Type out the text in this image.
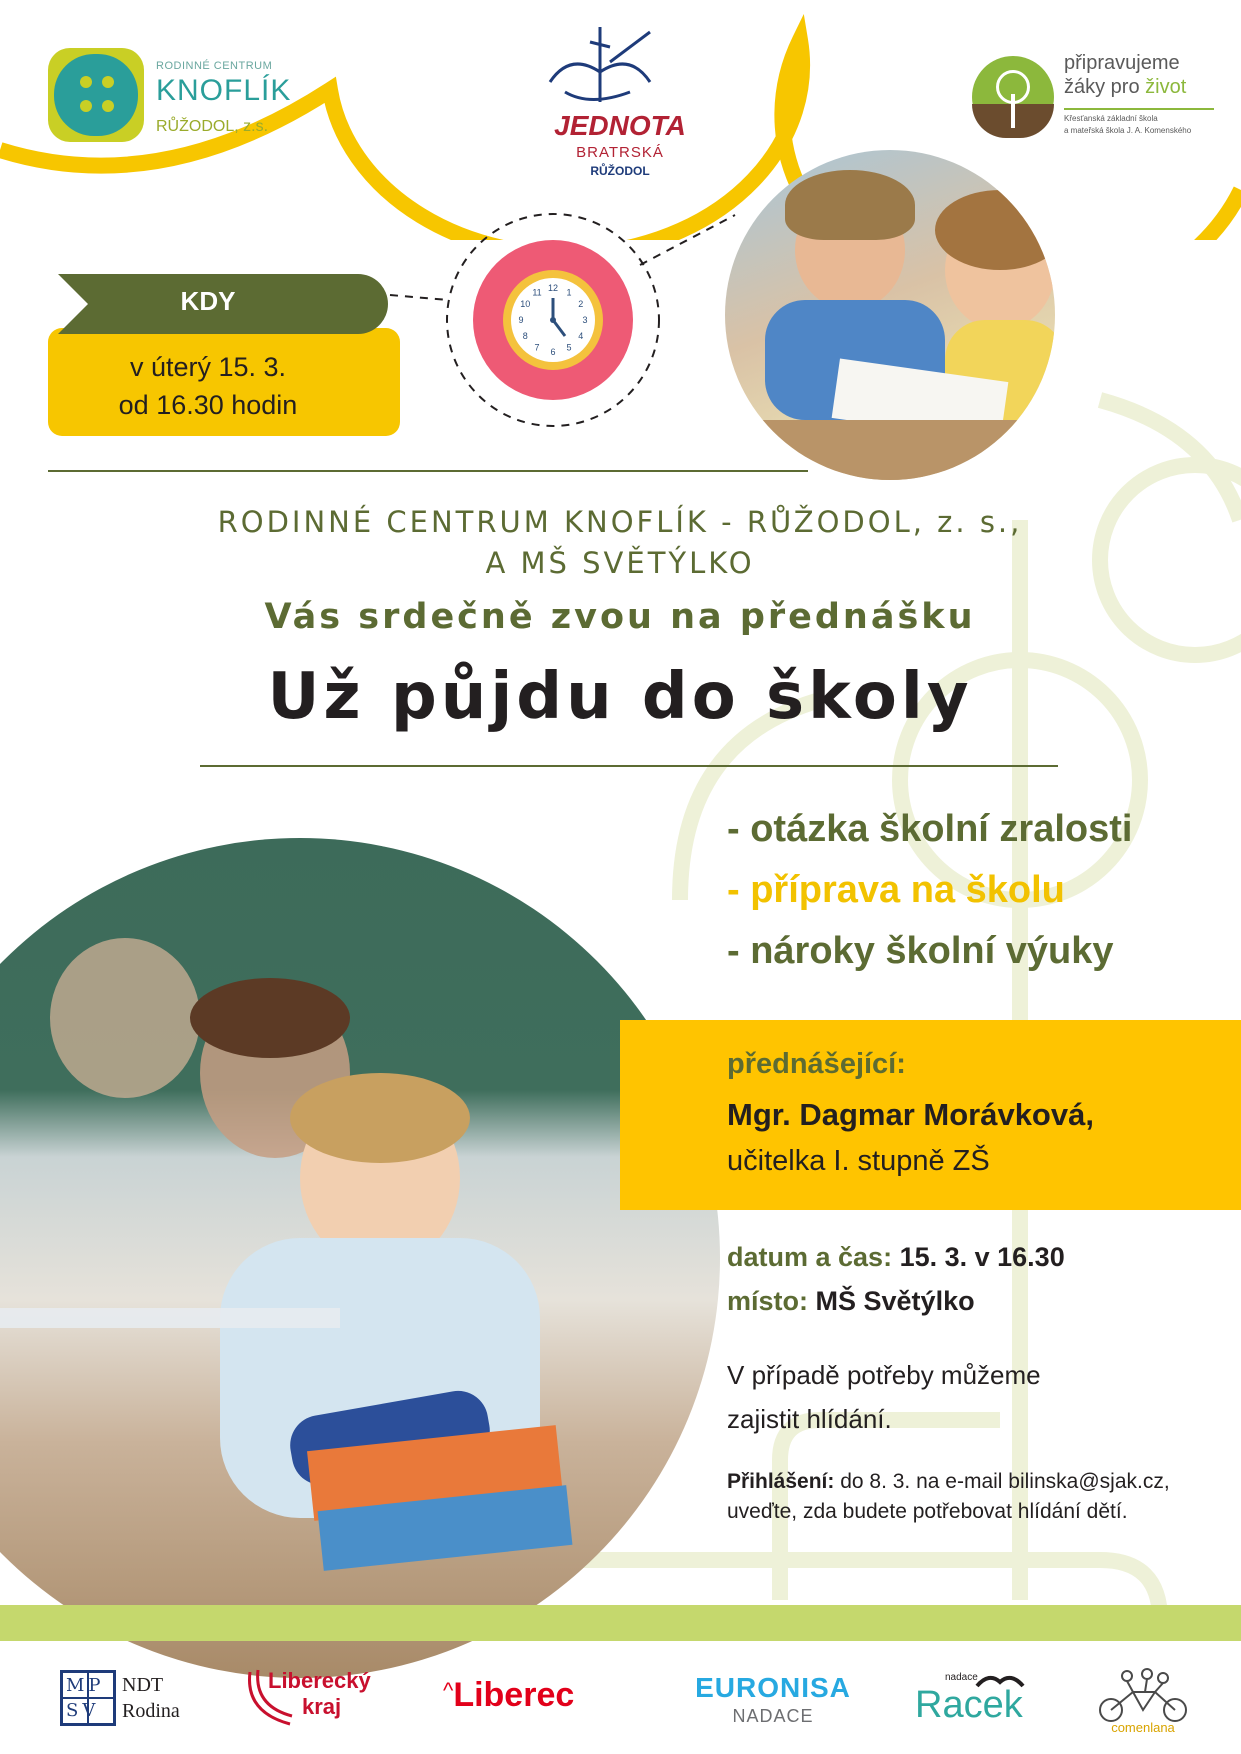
RODINNÉ CENTRUM
KNOFLÍK
RŮŽODOL, z.s.	JEDNOTA
BRATRSKÁ
RŮŽODOL
připravujeme
žáky pro život
Křesťanská základní škola
a mateřská škola J. A. Komenského
12 1
2
3
4
5
6
7
8
9
10
11
KDY
v úterý 15. 3.
od 16.30 hodin
RODINNÉ CENTRUM KNOFLÍK - RŮŽODOL, z. s.,
A MŠ SVĚTÝLKO
Vás srdečně zvou na přednášku
Už půjdu do školy
- otázka školní zralosti
- příprava na školu
- nároky školní výuky
přednášející:
Mgr. Dagmar Morávková,
učitelka I. stupně ZŠ
datum a čas: 15. 3. v 16.30
místo: MŠ Světýlko
V případě potřeby můžeme
zajistit hlídání.
Přihlášení: do 8. 3. na e-mail bilinska@sjak.cz,
uveďte, zda budete potřebovat hlídání dětí.
MP
SV
NDT
Rodina
Liberecký
kraj
^Liberec	EURONISA
NADACE
nadace
Racek
comenlana
